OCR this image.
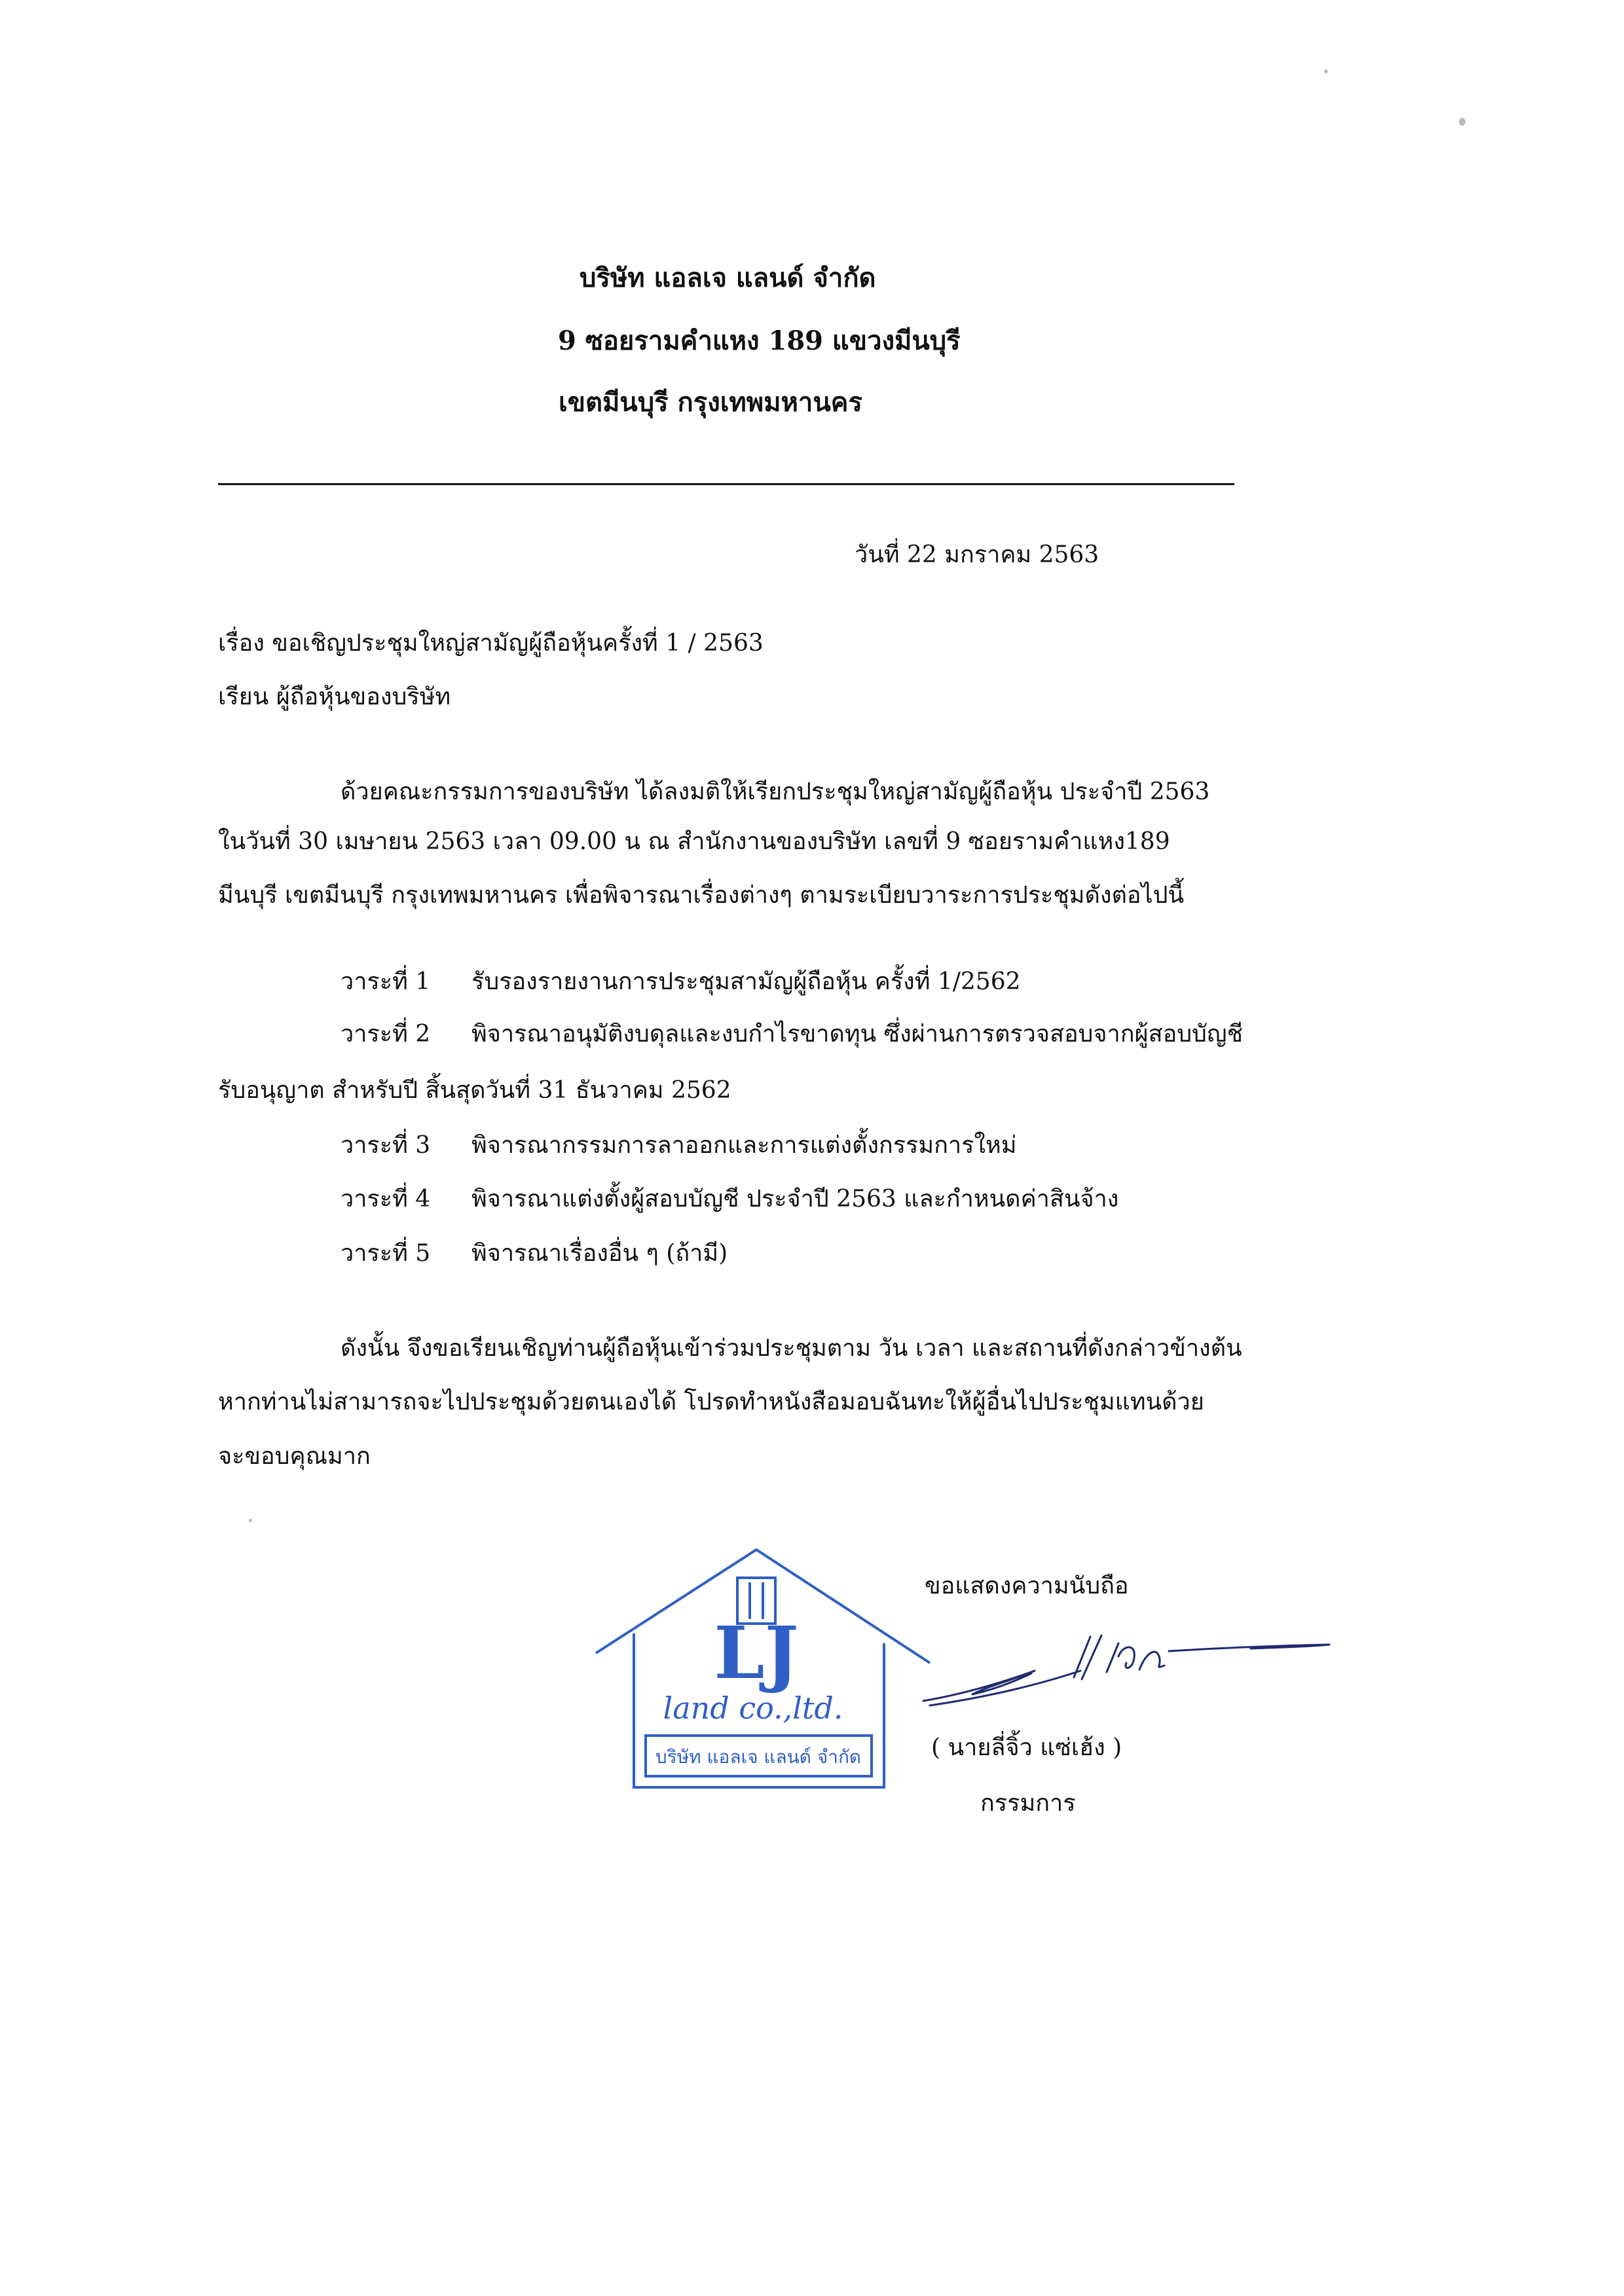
บริษัท แอลเจ แลนด์ จำกัด
9 ซอยรามคำแหง 189 แขวงมีนบุรี
เขตมีนบุรี กรุงเทพมหานคร
วันที่ 22 มกราคม 2563
เรื่อง ขอเชิญประชุมใหญ่สามัญผู้ถือหุ้นครั้งที่ 1 / 2563
เรียน ผู้ถือหุ้นของบริษัท
ด้วยคณะกรรมการของบริษัท ได้ลงมติให้เรียกประชุมใหญ่สามัญผู้ถือหุ้น ประจำปี 2563
ในวันที่ 30 เมษายน 2563 เวลา 09.00 น ณ สำนักงานของบริษัท เลขที่ 9 ซอยรามคำแหง189
มีนบุรี เขตมีนบุรี กรุงเทพมหานคร เพื่อพิจารณาเรื่องต่างๆ ตามระเบียบวาระการประชุมดังต่อไปนี้
วาระที่ 1 รับรองรายงานการประชุมสามัญผู้ถือหุ้น ครั้งที่ 1/2562
วาระที่ 2 พิจารณาอนุมัติงบดุลและงบกำไรขาดทุน ซึ่งผ่านการตรวจสอบจากผู้สอบบัญชี
รับอนุญาต สำหรับปี สิ้นสุดวันที่ 31 ธันวาคม 2562
วาระที่ 3 พิจารณากรรมการลาออกและการแต่งตั้งกรรมการใหม่
วาระที่ 4 พิจารณาแต่งตั้งผู้สอบบัญชี ประจำปี 2563 และกำหนดค่าสินจ้าง
วาระที่ 5 พิจารณาเรื่องอื่น ๆ (ถ้ามี)
ดังนั้น จึงขอเรียนเชิญท่านผู้ถือหุ้นเข้าร่วมประชุมตาม วัน เวลา และสถานที่ดังกล่าวข้างต้น
หากท่านไม่สามารถจะไปประชุมด้วยตนเองได้ โปรดทำหนังสือมอบฉันทะให้ผู้อื่นไปประชุมแทนด้วย
จะขอบคุณมาก
ขอแสดงความนับถือ
( นายลี่จิ้ว แซ่เฮ้ง )
กรรมการ
LJ
land co.,ltd.
บริษัท แอลเจ แลนด์ จำกัด
